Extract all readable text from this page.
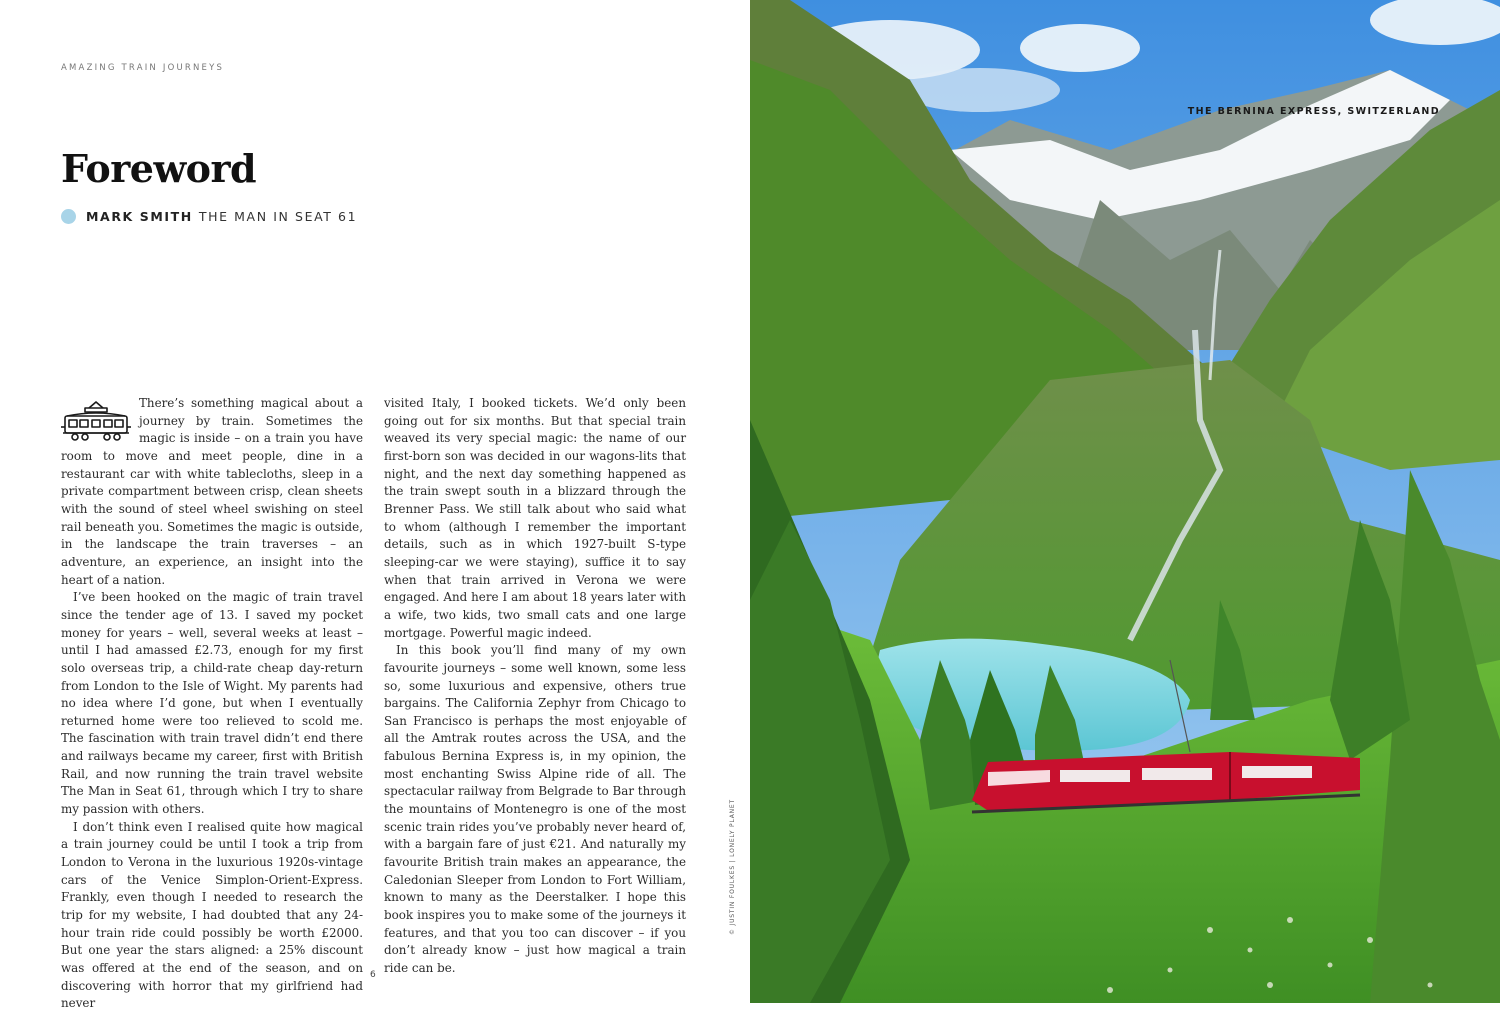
AMAZING TRAIN JOURNEYS
Foreword
MARK SMITH THE MAN IN SEAT 61

There’s something magical about a journey by train. Sometimes the magic is inside – on a train you have room to move and meet people, dine in a restaurant car with white tablecloths, sleep in a private compartment between crisp, clean sheets with the sound of steel wheel swishing on steel rail beneath you. Sometimes the magic is outside, in the landscape the train traverses – an adventure, an experience, an insight into the heart of a nation.

I’ve been hooked on the magic of train travel since the tender age of 13. I saved my pocket money for years – well, several weeks at least – until I had amassed £2.73, enough for my first solo overseas trip, a child-rate cheap day-return from London to the Isle of Wight. My parents had no idea where I’d gone, but when I eventually returned home were too relieved to scold me. The fascination with train travel didn’t end there and railways became my career, first with British Rail, and now running the train travel website The Man in Seat 61, through which I try to share my passion with others.

I don’t think even I realised quite how magical a train journey could be until I took a trip from London to Verona in the luxurious 1920s-vintage cars of the Venice Simplon-Orient-Express. Frankly, even though I needed to research the trip for my website, I had doubted that any 24-hour train ride could possibly be worth £2000. But one year the stars aligned: a 25% discount was offered at the end of the season, and on discovering with horror that my girlfriend had never

visited Italy, I booked tickets. We’d only been going out for six months. But that special train weaved its very special magic: the name of our first-born son was decided in our wagons-lits that night, and the next day something happened as the train swept south in a blizzard through the Brenner Pass. We still talk about who said what to whom (although I remember the important details, such as in which 1927-built S-type sleeping-car we were staying), suffice it to say when that train arrived in Verona we were engaged. And here I am about 18 years later with a wife, two kids, two small cats and one large mortgage. Powerful magic indeed.

In this book you’ll find many of my own favourite journeys – some well known, some less so, some luxurious and expensive, others true bargains. The California Zephyr from Chicago to San Francisco is perhaps the most enjoyable of all the Amtrak routes across the USA, and the fabulous Bernina Express is, in my opinion, the most enchanting Swiss Alpine ride of all. The spectacular railway from Belgrade to Bar through the mountains of Montenegro is one of the most scenic train rides you’ve probably never heard of, with a bargain fare of just €21. And naturally my favourite British train makes an appearance, the Caledonian Sleeper from London to Fort William, known to many as the Deerstalker. I hope this book inspires you to make some of the journeys it features, and that you too can discover – if you don’t already know – just how magical a train ride can be.

6
© JUSTIN FOULKES | LONELY PLANET
THE BERNINA EXPRESS, SWITZERLAND
